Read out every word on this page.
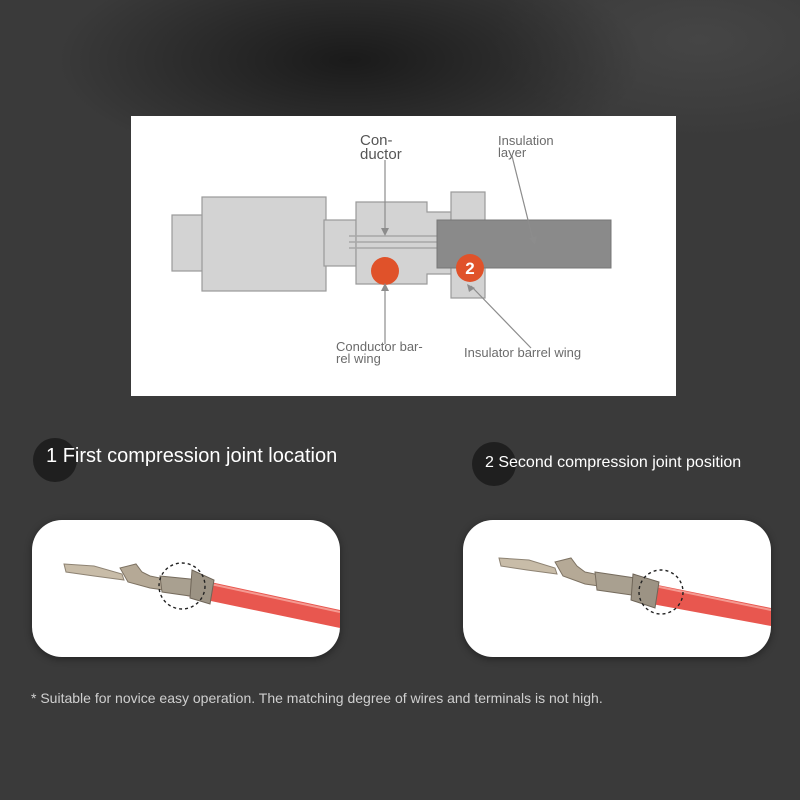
2
Con-
ductor
Insulation
layer
Conductor bar-
rel wing	Insulator barrel wing
1 First compression joint location	2 Second compression joint position
* Suitable for novice easy operation. The matching degree of wires and terminals is not high.
